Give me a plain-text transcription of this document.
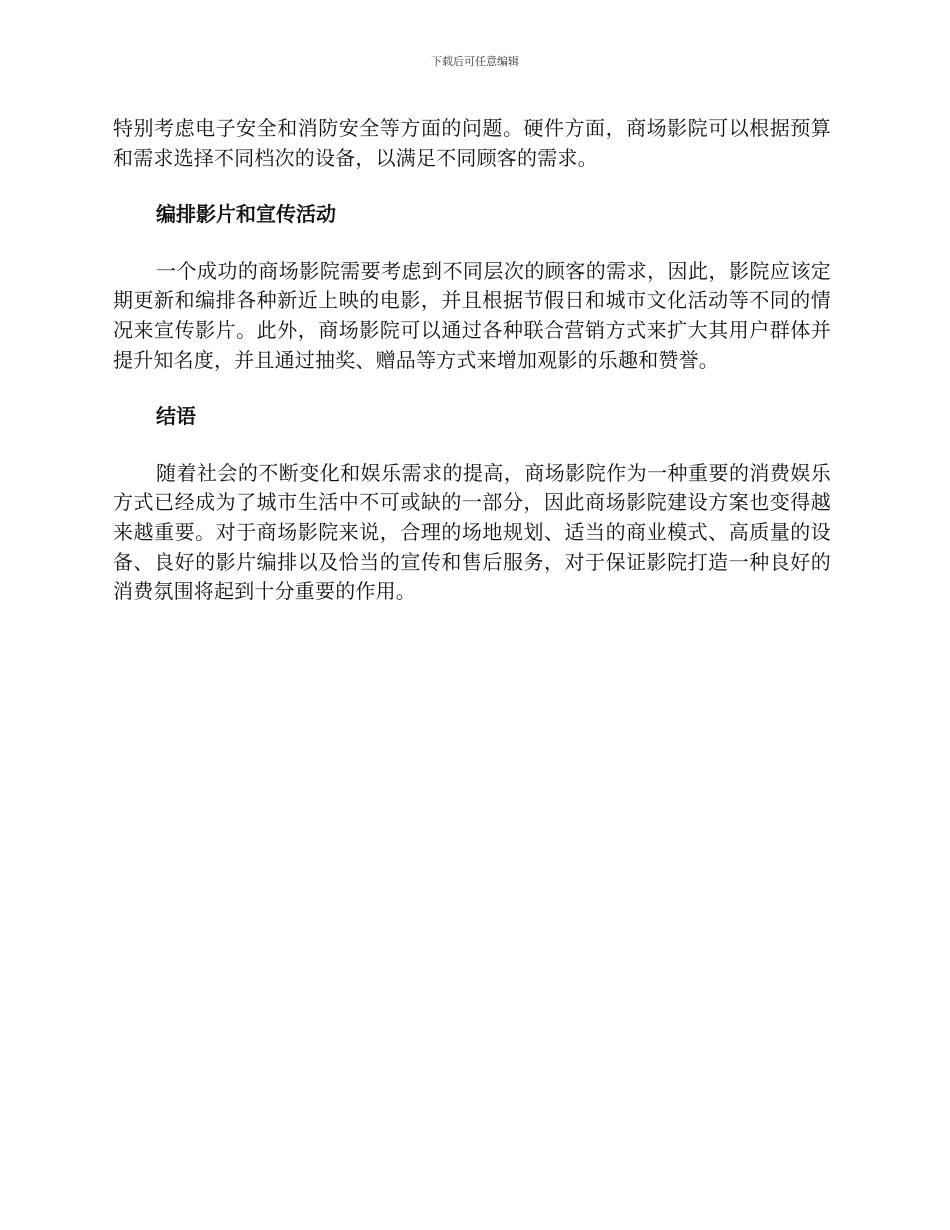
下载后可任意编辑

特别考虑电子安全和消防安全等方面的问题。硬件方面，商场影院可以根据预算和需求选择不同档次的设备，以满足不同顾客的需求。

编排影片和宣传活动

一个成功的商场影院需要考虑到不同层次的顾客的需求，因此，影院应该定期更新和编排各种新近上映的电影，并且根据节假日和城市文化活动等不同的情况来宣传影片。此外，商场影院可以通过各种联合营销方式来扩大其用户群体并提升知名度，并且通过抽奖、赠品等方式来增加观影的乐趣和赞誉。

结语

随着社会的不断变化和娱乐需求的提高，商场影院作为一种重要的消费娱乐方式已经成为了城市生活中不可或缺的一部分，因此商场影院建设方案也变得越来越重要。对于商场影院来说，合理的场地规划、适当的商业模式、高质量的设备、良好的影片编排以及恰当的宣传和售后服务，对于保证影院打造一种良好的消费氛围将起到十分重要的作用。
